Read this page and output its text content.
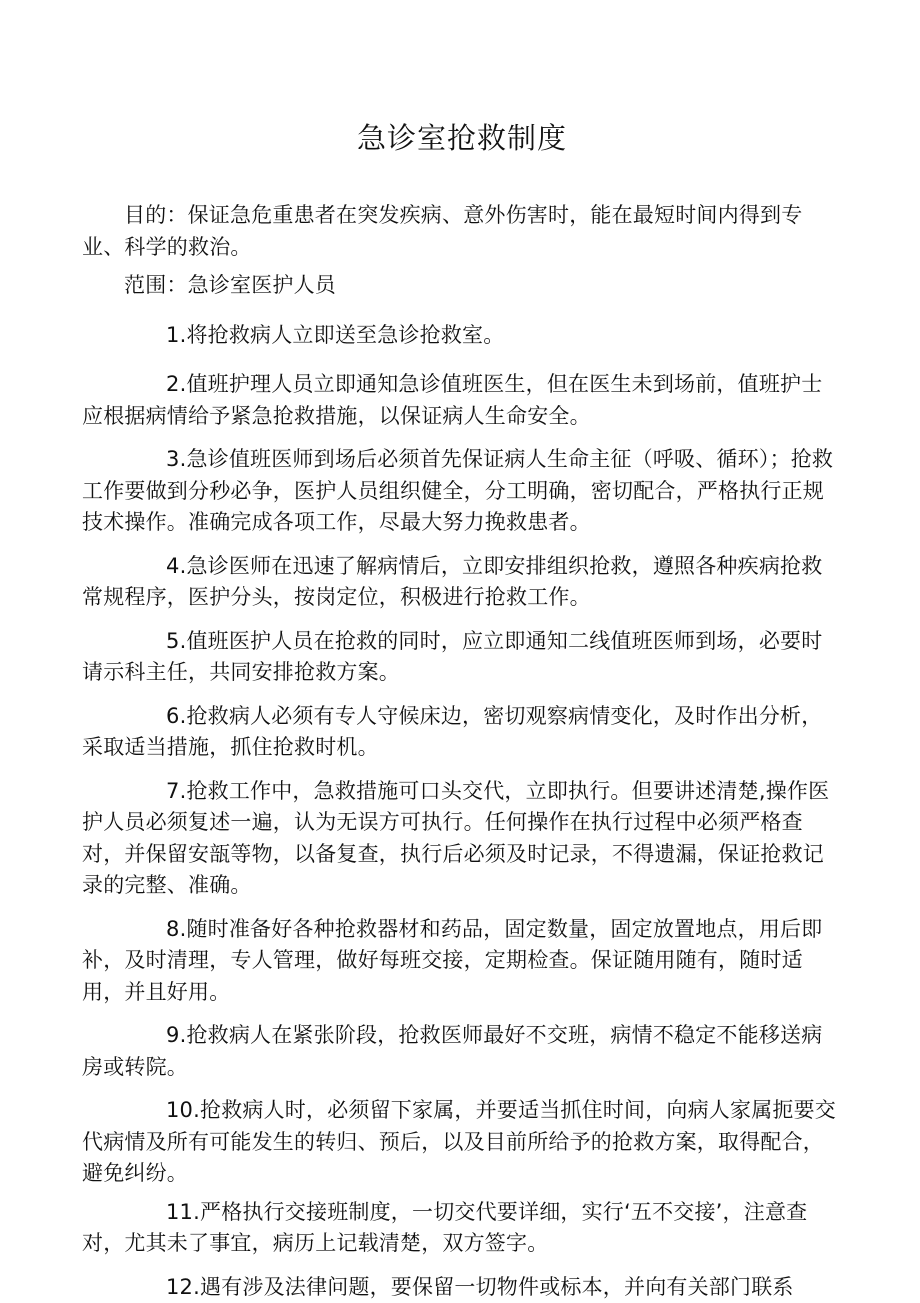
急诊室抢救制度

目的：保证急危重患者在突发疾病、意外伤害时，能在最短时间内得到专业、科学的救治。

范围：急诊室医护人员

1.将抢救病人立即送至急诊抢救室。

2.值班护理人员立即通知急诊值班医生，但在医生未到场前，值班护士应根据病情给予紧急抢救措施，以保证病人生命安全。

3.急诊值班医师到场后必须首先保证病人生命主征（呼吸、循环）；抢救工作要做到分秒必争，医护人员组织健全，分工明确，密切配合，严格执行正规技术操作。准确完成各项工作，尽最大努力挽救患者。

4.急诊医师在迅速了解病情后，立即安排组织抢救，遵照各种疾病抢救常规程序，医护分头，按岗定位，积极进行抢救工作。

5.值班医护人员在抢救的同时，应立即通知二线值班医师到场，必要时请示科主任，共同安排抢救方案。

6.抢救病人必须有专人守候床边，密切观察病情变化，及时作出分析，采取适当措施，抓住抢救时机。

7.抢救工作中，急救措施可口头交代，立即执行。但要讲述清楚,操作医护人员必须复述一遍，认为无误方可执行。任何操作在执行过程中必须严格查对，并保留安瓿等物，以备复查，执行后必须及时记录，不得遗漏，保证抢救记录的完整、准确。

8.随时准备好各种抢救器材和药品，固定数量，固定放置地点，用后即补，及时清理，专人管理，做好每班交接，定期检查。保证随用随有，随时适用，并且好用。

9.抢救病人在紧张阶段，抢救医师最好不交班，病情不稳定不能移送病房或转院。

10.抢救病人时，必须留下家属，并要适当抓住时间，向病人家属扼要交代病情及所有可能发生的转归、预后，以及目前所给予的抢救方案，取得配合，避免纠纷。

11.严格执行交接班制度，一切交代要详细，实行‘五不交接’，注意查对，尤其未了事宜，病历上记载清楚，双方签字。

12.遇有涉及法律问题，要保留一切物件或标本，并向有关部门联系
